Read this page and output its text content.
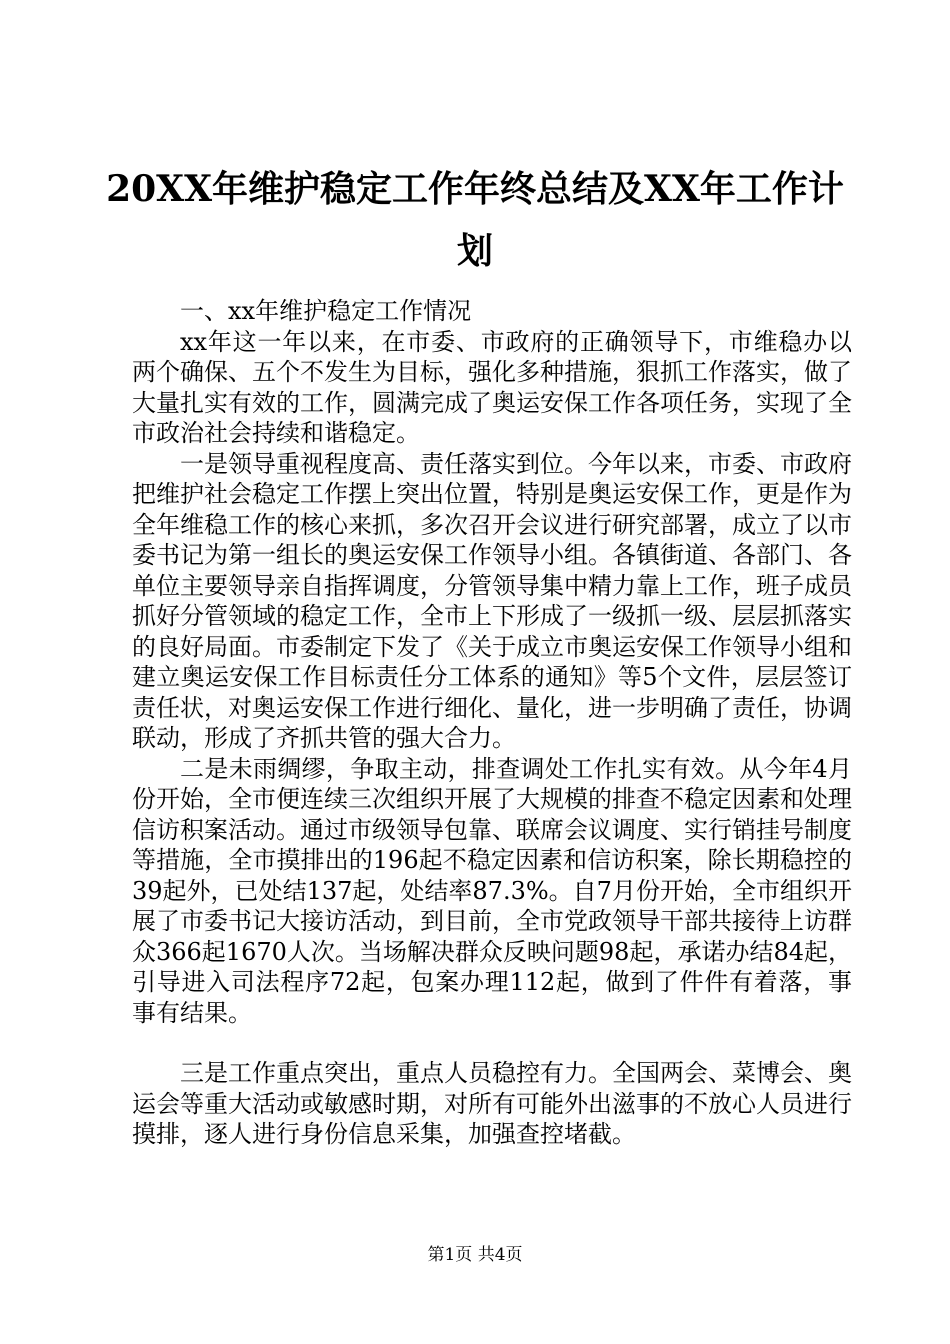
20XX年维护稳定工作年终总结及XX年工作计划

一、xx年维护稳定工作情况

xx年这一年以来，在市委、市政府的正确领导下，市维稳办以两个确保、五个不发生为目标，强化多种措施，狠抓工作落实，做了大量扎实有效的工作，圆满完成了奥运安保工作各项任务，实现了全市政治社会持续和谐稳定。

一是领导重视程度高、责任落实到位。今年以来，市委、市政府把维护社会稳定工作摆上突出位置，特别是奥运安保工作，更是作为全年维稳工作的核心来抓，多次召开会议进行研究部署，成立了以市委书记为第一组长的奥运安保工作领导小组。各镇街道、各部门、各单位主要领导亲自指挥调度，分管领导集中精力靠上工作，班子成员抓好分管领域的稳定工作，全市上下形成了一级抓一级、层层抓落实的良好局面。市委制定下发了《关于成立市奥运安保工作领导小组和建立奥运安保工作目标责任分工体系的通知》等5个文件，层层签订责任状，对奥运安保工作进行细化、量化，进一步明确了责任，协调联动，形成了齐抓共管的强大合力。

二是未雨绸缪，争取主动，排查调处工作扎实有效。从今年4月份开始，全市便连续三次组织开展了大规模的排查不稳定因素和处理信访积案活动。通过市级领导包靠、联席会议调度、实行销挂号制度等措施，全市摸排出的196起不稳定因素和信访积案，除长期稳控的39起外，已处结137起，处结率87.3%。自7月份开始，全市组织开展了市委书记大接访活动，到目前，全市党政领导干部共接待上访群众366起1670人次。当场解决群众反映问题98起，承诺办结84起，引导进入司法程序72起，包案办理112起，做到了件件有着落，事事有结果。

三是工作重点突出，重点人员稳控有力。全国两会、菜博会、奥运会等重大活动或敏感时期，对所有可能外出滋事的不放心人员进行摸排，逐人进行身份信息采集，加强查控堵截。

第1页 共4页
